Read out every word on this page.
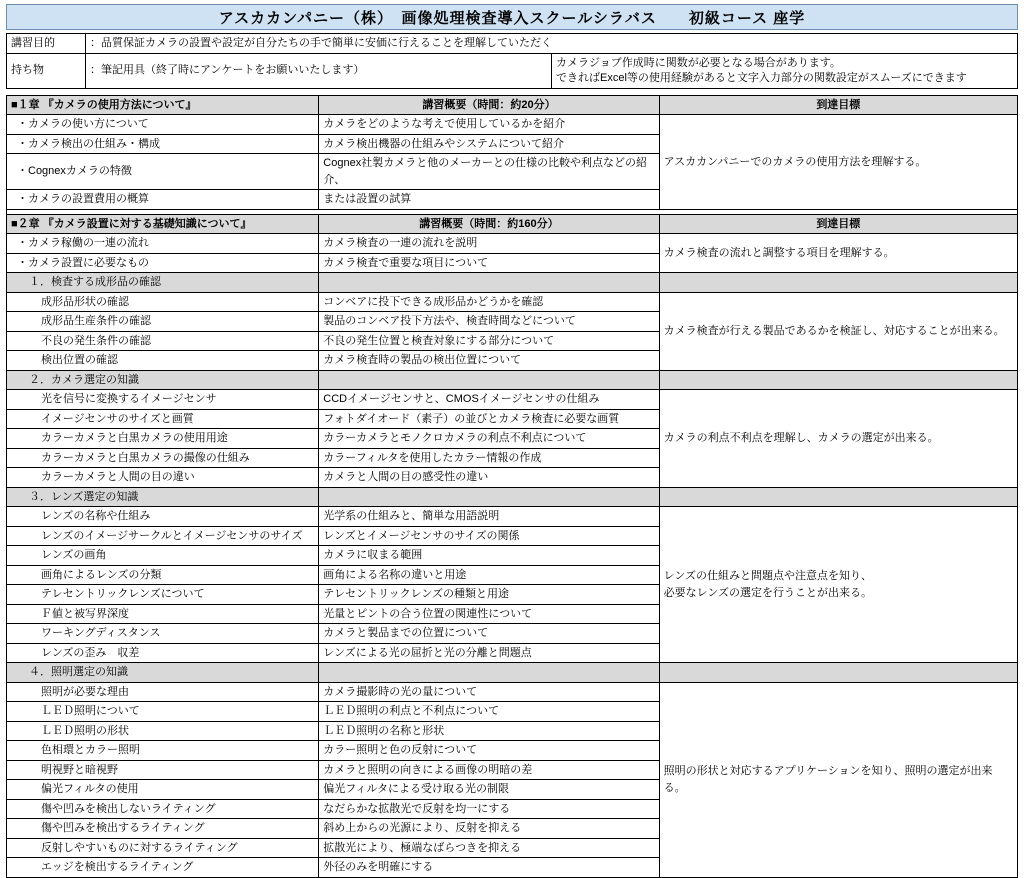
アスカカンパニー（株）　画像処理検査導入スクールシラバス　　初級コース 座学
講習目的	：品質保証カメラの設置や設定が自分たちの手で簡単に安価に行えることを理解していただく	
持ち物	：筆記用具（終了時にアンケートをお願いいたします）	カメラジョブ作成時に関数が必要となる場合があります。
できればExcel等の使用経験があると文字入力部分の関数設定がスムーズにできます
■１章 『カメラの使用方法について』	講習概要（時間：約20分）	到達目標
・カメラの使い方について	カメラをどのような考えで使用しているかを紹介	アスカカンパニーでのカメラの使用方法を理解する。
・カメラ検出の仕組み・構成	カメラ検出機器の仕組みやシステムについて紹介	
・Cognexカメラの特徴	Cognex社製カメラと他のメーカーとの仕様の比較や利点などの紹介、	
・カメラの設置費用の概算	または設置の試算	

■２章 『カメラ設置に対する基礎知識について』	講習概要（時間：約160分）	到達目標
・カメラ稼働の一連の流れ	カメラ検査の一連の流れを説明	カメラ検査の流れと調整する項目を理解する。

・カメラ設置に必要なもの	カメラ検査で重要な項目について	
１．検査する成形品の確認		
成形品形状の確認	コンベアに投下できる成形品かどうかを確認	カメラ検査が行える製品であるかを検証し、対応することが出来る。

成形品生産条件の確認	製品のコンベア投下方法や、検査時間などについて	
不良の発生条件の確認	不良の発生位置と検査対象にする部分について	
検出位置の確認	カメラ検査時の製品の検出位置について	
２．カメラ選定の知識		
光を信号に変換するイメージセンサ	CCDイメージセンサと、CMOSイメージセンサの仕組み	カメラの利点不利点を理解し、カメラの選定が出来る。

イメージセンサのサイズと画質	フォトダイオード（素子）の並びとカメラ検査に必要な画質	
カラーカメラと白黒カメラの使用用途	カラーカメラとモノクロカメラの利点不利点について	
カラーカメラと白黒カメラの撮像の仕組み	カラーフィルタを使用したカラー情報の作成	
カラーカメラと人間の目の違い	カメラと人間の目の感受性の違い	
３．レンズ選定の知識		
レンズの名称や仕組み	光学系の仕組みと、簡単な用語説明	レンズの仕組みと問題点や注意点を知り、
必要なレンズの選定を行うことが出来る。

レンズのイメージサークルとイメージセンサのサイズ	レンズとイメージセンサのサイズの関係	
レンズの画角	カメラに収まる範囲	
画角によるレンズの分類	画角による名称の違いと用途	
テレセントリックレンズについて	テレセントリックレンズの種類と用途	
Ｆ値と被写界深度	光量とピントの合う位置の関連性について	
ワーキングディスタンス	カメラと製品までの位置について	
レンズの歪み　収差	レンズによる光の屈折と光の分離と問題点	
４．照明選定の知識		
照明が必要な理由	カメラ撮影時の光の量について	照明の形状と対応するアプリケーションを知り、照明の選定が出来る。

ＬＥＤ照明について	ＬＥＤ照明の利点と不利点について	
ＬＥＤ照明の形状	ＬＥＤ照明の名称と形状	
色相環とカラー照明	カラー照明と色の反射について	
明視野と暗視野	カメラと照明の向きによる画像の明暗の差	
偏光フィルタの使用	偏光フィルタによる受け取る光の制限	
傷や凹みを検出しないライティング	なだらかな拡散光で反射を均一にする	
傷や凹みを検出するライティング	斜め上からの光源により、反射を抑える	
反射しやすいものに対するライティング	拡散光により、極端なばらつきを抑える	
エッジを検出するライティング	外径のみを明確にする	
